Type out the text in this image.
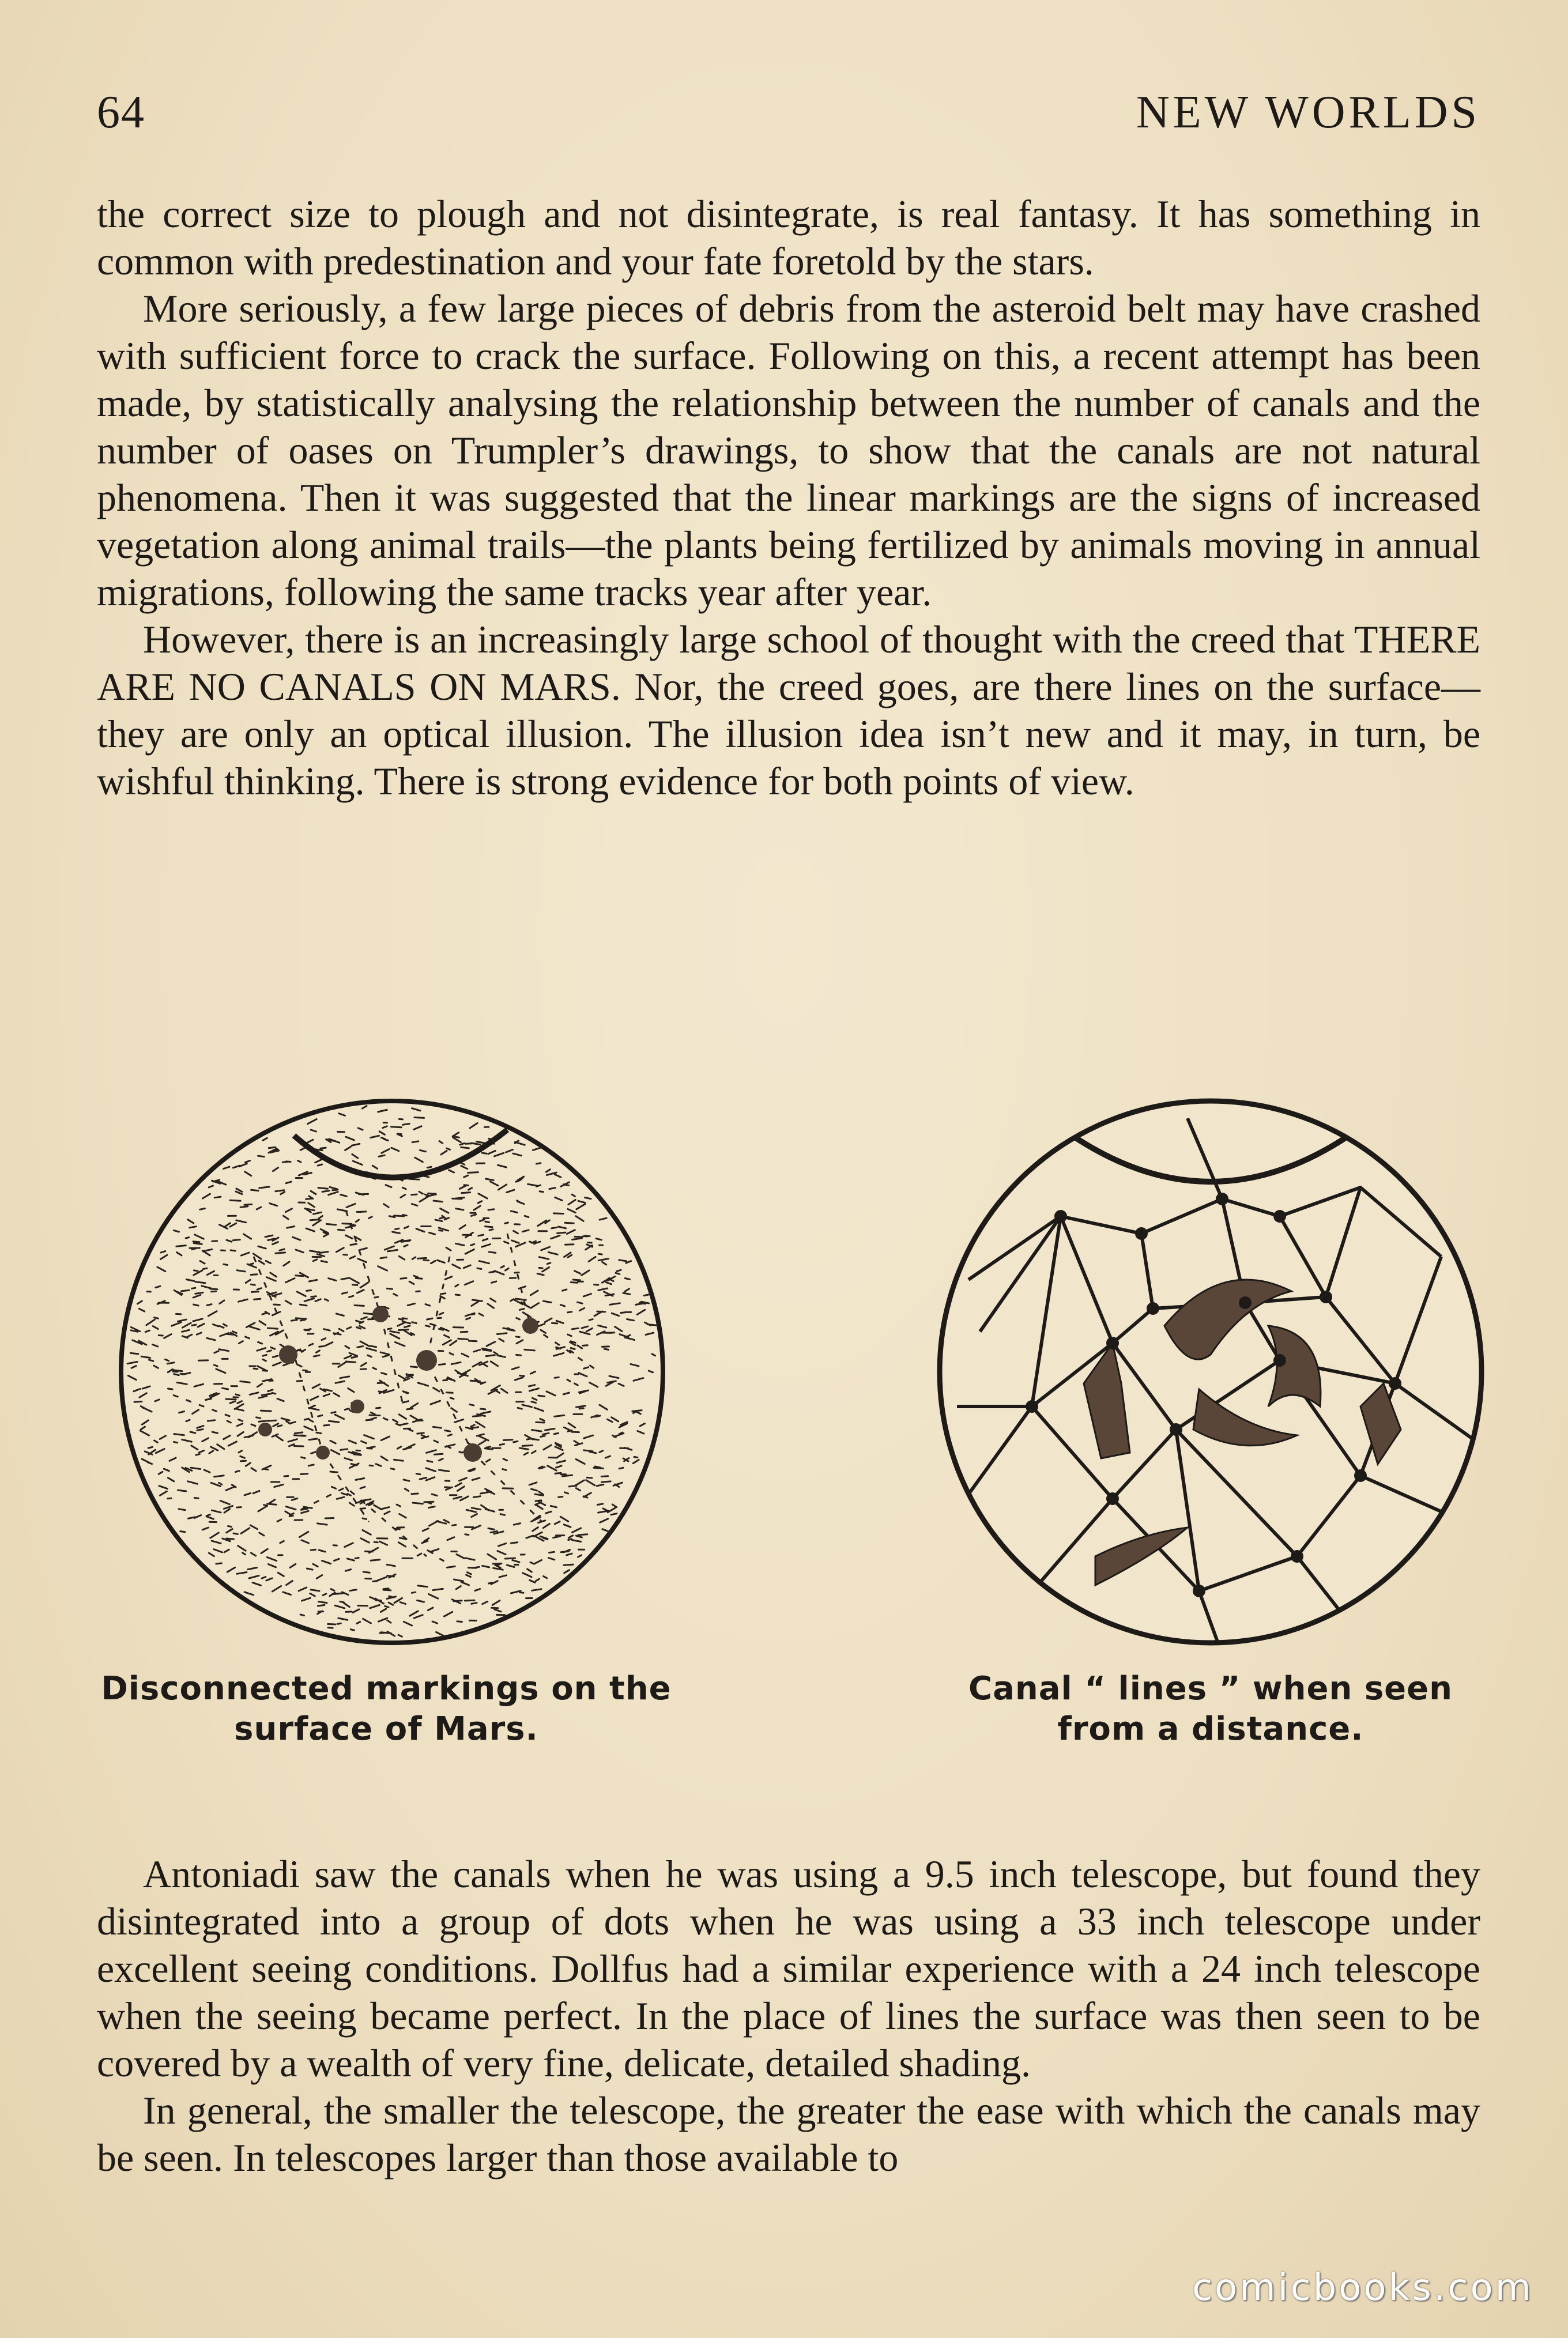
64	NEW WORLDS

the correct size to plough and not disintegrate, is real fantasy. It has something in common with predestination and your fate foretold by the stars.

More seriously, a few large pieces of debris from the asteroid belt may have crashed with sufficient force to crack the surface. Following on this, a recent attempt has been made, by statistically analysing the relationship between the number of canals and the number of oases on Trumpler’s drawings, to show that the canals are not natural phenomena. Then it was suggested that the linear markings are the signs of increased vegetation along animal trails—the plants being fertilized by animals moving in annual migrations, following the same tracks year after year.

However, there is an increasingly large school of thought with the creed that THERE ARE NO CANALS ON MARS. Nor, the creed goes, are there lines on the surface—they are only an optical illusion. The illusion idea isn’t new and it may, in turn, be wishful thinking. There is strong evidence for both points of view.

Disconnected markings on the
surface of Mars.
Canal “ lines ” when seen
from a distance.

Antoniadi saw the canals when he was using a 9.5 inch telescope, but found they disintegrated into a group of dots when he was using a 33 inch telescope under excellent seeing conditions. Dollfus had a similar experience with a 24 inch telescope when the seeing became perfect. In the place of lines the surface was then seen to be covered by a wealth of very fine, delicate, detailed shading.

In general, the smaller the telescope, the greater the ease with which the canals may be seen. In telescopes larger than those available to

comicbooks.com
